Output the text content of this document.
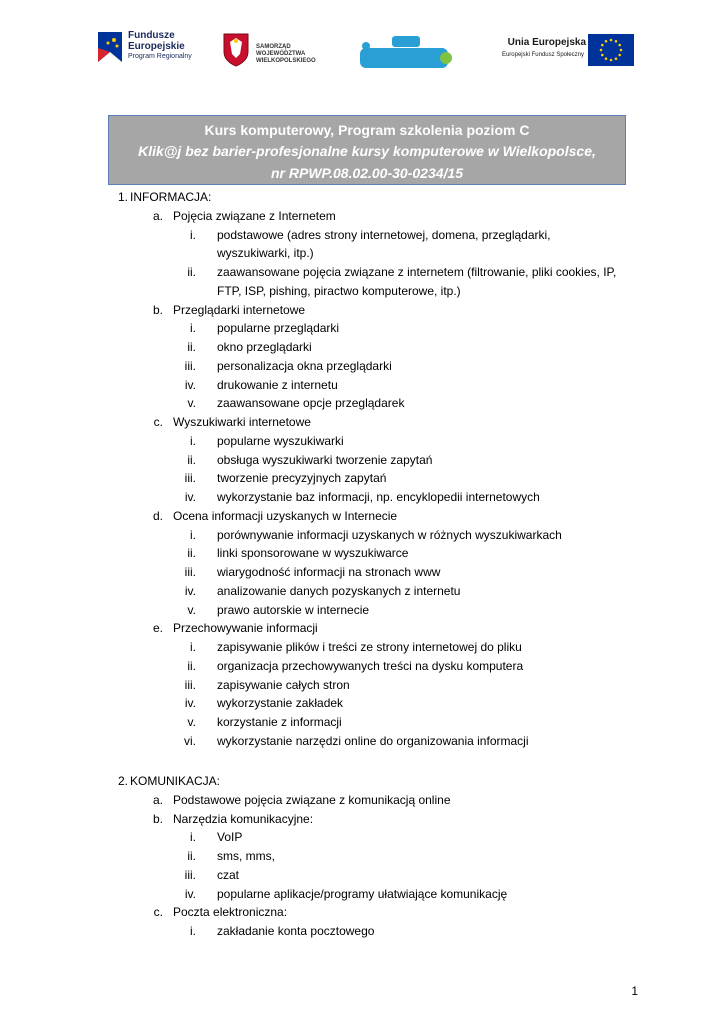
Fundusze
Europejskie
Program Regionalny
SAMORZĄD WOJEWÓDZTWA
WIELKOPOLSKIEGO
Unia Europejska
Europejski Fundusz Społeczny
Kurs komputerowy, Program szkolenia poziom C
Klik@j bez barier-profesjonalne kursy komputerowe w Wielkopolsce,
nr RPWP.08.02.00-30-0234/15
1. INFORMACJA:
a. Pojęcia związane z Internetem
i. podstawowe (adres strony internetowej, domena, przeglądarki,
wyszukiwarki, itp.)
ii. zaawansowane pojęcia związane z internetem (filtrowanie, pliki cookies, IP,
FTP, ISP, pishing, piractwo komputerowe, itp.)
b. Przeglądarki internetowe
i. popularne przeglądarki
ii. okno przeglądarki
iii. personalizacja okna przeglądarki
iv. drukowanie z internetu
v. zaawansowane opcje przeglądarek
c. Wyszukiwarki internetowe
i. popularne wyszukiwarki
ii. obsługa wyszukiwarki tworzenie zapytań
iii. tworzenie precyzyjnych zapytań
iv. wykorzystanie baz informacji, np. encyklopedii internetowych
d. Ocena informacji uzyskanych w Internecie
i. porównywanie informacji uzyskanych w różnych wyszukiwarkach
ii. linki sponsorowane w wyszukiwarce
iii. wiarygodność informacji na stronach www
iv. analizowanie danych pozyskanych z internetu
v. prawo autorskie w internecie
e. Przechowywanie informacji
i. zapisywanie plików i treści ze strony internetowej do pliku
ii. organizacja przechowywanych treści na dysku komputera
iii. zapisywanie całych stron
iv. wykorzystanie zakładek
v. korzystanie z informacji
vi. wykorzystanie narzędzi online do organizowania informacji
2. KOMUNIKACJA:
a. Podstawowe pojęcia związane z komunikacją online
b. Narzędzia komunikacyjne:
i. VoIP
ii. sms, mms,
iii. czat
iv. popularne aplikacje/programy ułatwiające komunikację
c. Poczta elektroniczna:
i. zakładanie konta pocztowego
1
